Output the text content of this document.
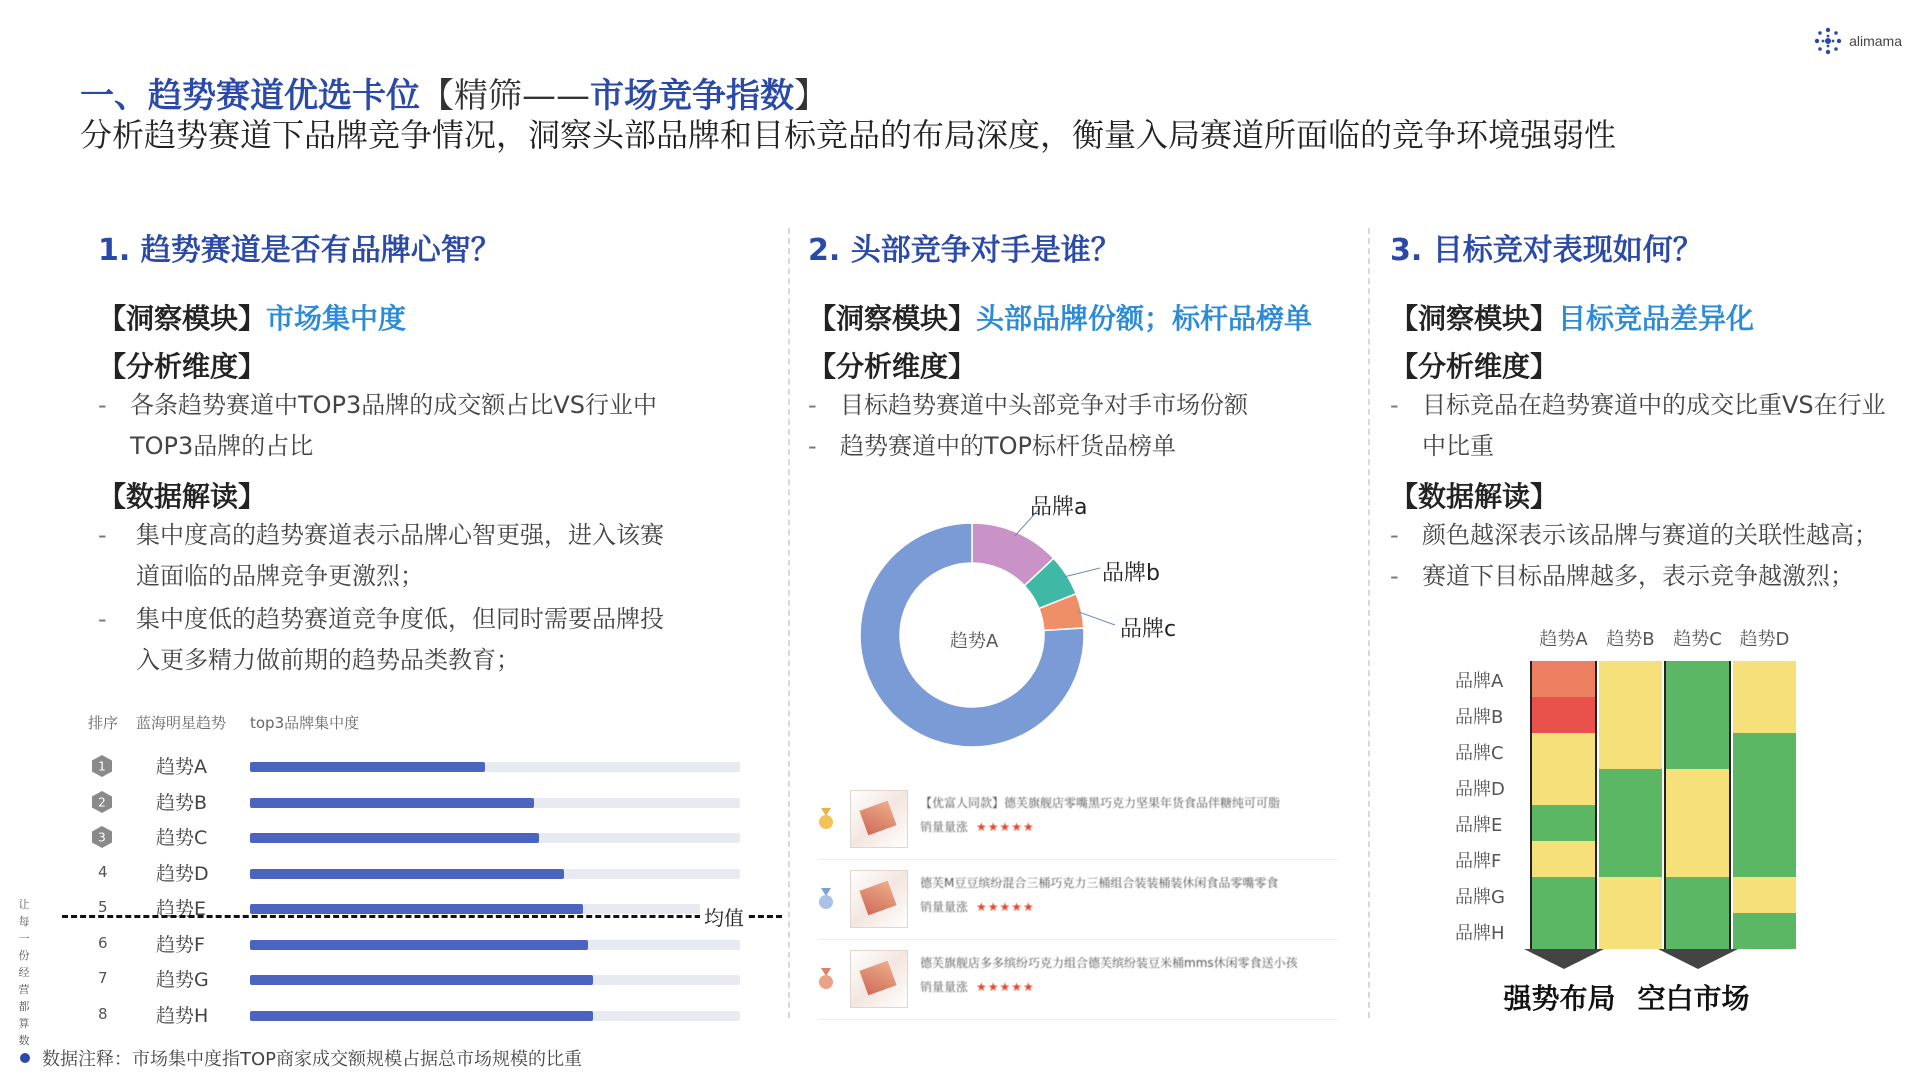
alimama
一、趋势赛道优选卡位【精筛——市场竞争指数】
分析趋势赛道下品牌竞争情况，洞察头部品牌和目标竞品的布局深度，衡量入局赛道所面临的竞争环境强弱性
1. 趋势赛道是否有品牌心智？
【洞察模块】市场集中度
【分析维度】
- 各条趋势赛道中TOP3品牌的成交额占比VS行业中
TOP3品牌的占比
【数据解读】
- 集中度高的趋势赛道表示品牌心智更强，进入该赛
道面临的品牌竞争更激烈；
- 集中度低的趋势赛道竞争度低，但同时需要品牌投
入更多精力做前期的趋势品类教育；
排序 蓝海明星趋势 top3品牌集中度
1	趋势A
2	趋势B
3	趋势C
4	趋势D
5	趋势E
6	趋势F
7	趋势G
8	趋势H
均值
2. 头部竞争对手是谁？
【洞察模块】头部品牌份额；标杆品榜单
【分析维度】
- 目标趋势赛道中头部竞争对手市场份额
- 趋势赛道中的TOP标杆货品榜单
趋势A
品牌a
品牌b
品牌c
【优富人同款】德芙旗舰店零嘴黑巧克力坚果年货食品伴糖纯可可脂
销量量涨 ★★★★★
德芙M豆豆缤纷混合三桶巧克力三桶组合装装桶装休闲食品零嘴零食
销量量涨 ★★★★★
德芙旗舰店多多缤纷巧克力组合德芙缤纷装豆米桶mms休闲零食送小孩
销量量涨 ★★★★★
3. 目标竞对表现如何？
【洞察模块】目标竞品差异化
【分析维度】
- 目标竞品在趋势赛道中的成交比重VS在行业
中比重
【数据解读】
- 颜色越深表示该品牌与赛道的关联性越高；
- 赛道下目标品牌越多，表示竞争越激烈；
趋势A	趋势B	趋势C 趋势D
品牌A
品牌B
品牌C
品牌D
品牌E
品牌F
品牌G
品牌H
强势布局 空白市场
让
每
一
份
经
营
都
算
数
数据注释：市场集中度指TOP商家成交额规模占据总市场规模的比重
